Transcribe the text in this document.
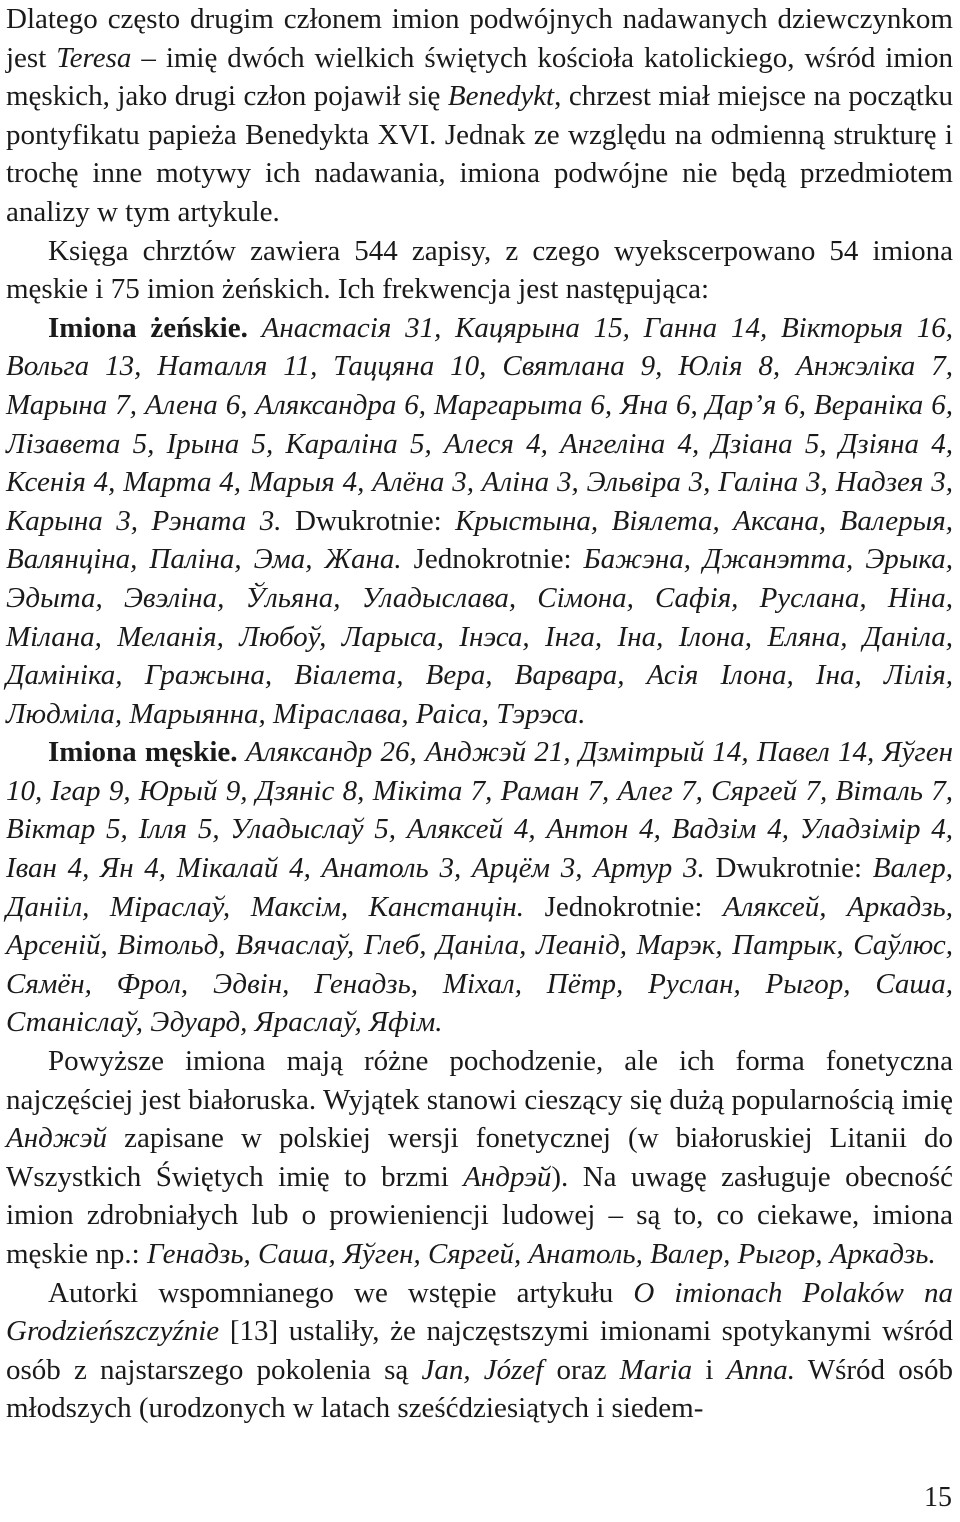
Dlatego często drugim członem imion podwójnych nadawanych dziewczynkom jest Teresa – imię dwóch wielkich świętych kościoła katolickiego, wśród imion męskich, jako drugi człon pojawił się Benedykt, chrzest miał miejsce na początku pontyfikatu papieża Benedykta XVI. Jednak ze względu na odmienną strukturę i trochę inne motywy ich nadawania, imiona podwójne nie będą przedmiotem analizy w tym artykule.

Księga chrztów zawiera 544 zapisy, z czego wyekscerpowano 54 imiona męskie i 75 imion żeńskich. Ich frekwencja jest następująca:

Imiona żeńskie. Анастасія 31, Кацярына 15, Ганна 14, Вікторыя 16, Вольга 13, Наталля 11, Таццяна 10, Святлана 9, Юлія 8, Анжэліка 7, Марына 7, Алена 6, Аляксандра 6, Маргарыта 6, Яна 6, Дар’я 6, Вераніка 6, Лізавета 5, Ірына 5, Караліна 5, Алеся 4, Ангеліна 4, Дзіана 5, Дзіяна 4, Ксенія 4, Марта 4, Марыя 4, Алёна 3, Аліна 3, Эльвіра 3, Галіна 3, Надзея 3, Карына 3, Рэната 3. Dwukrotnie: Крыстына, Віялета, Аксана, Валерыя, Валянціна, Паліна, Эма, Жана. Jednokrotnie: Бажэна, Джанэтта, Эрыка, Эдыта, Эвэліна, Ўльяна, Уладыслава, Сімона, Сафія, Руслана, Ніна, Мілана, Меланія, Любоў, Ларыса, Інэса, Інга, Іна, Ілона, Еляна, Даніла, Дамініка, Гражына, Віалета, Вера, Варвара, Асія Ілона, Іна, Лілія, Людміла, Марыянна, Міраслава, Раіса, Тэрэса.

Imiona męskie. Аляксандр 26, Анджэй 21, Дзмітрый 14, Павел 14, Яўген 10, Ігар 9, Юрый 9, Дзяніс 8, Мікіта 7, Раман 7, Алег 7, Сяргей 7, Віталь 7, Віктар 5, Ілля 5, Уладыслаў 5, Аляксей 4, Антон 4, Вадзім 4, Уладзімір 4, Іван 4, Ян 4, Мікалай 4, Анатоль 3, Арцём 3, Артур 3. Dwukrotnie: Валер, Данііл, Міраслаў, Максім, Канстанцін. Jednokrotnie: Аляксей, Аркадзь, Арсеній, Вітольд, Вячаслаў, Глеб, Даніла, Леанід, Марэк, Патрык, Саўлюс, Сямён, Фрол, Эдвін, Генадзь, Міхал, Пётр, Руслан, Рыгор, Саша, Станіслаў, Эдуард, Яраслаў, Яфім.

Powyższe imiona mają różne pochodzenie, ale ich forma fonetyczna najczęściej jest białoruska. Wyjątek stanowi cieszący się dużą popularnością imię Анджэй zapisane w polskiej wersji fonetycznej (w białoruskiej Litanii do Wszystkich Świętych imię to brzmi Андрэй). Na uwagę zasługuje obecność imion zdrobniałych lub o prowieniencji ludowej – są to, co ciekawe, imiona męskie np.: Генадзь, Саша, Яўген, Сяргей, Анатоль, Валер, Рыгор, Аркадзь.

Autorki wspomnianego we wstępie artykułu O imionach Polaków na Grodzieńszczyźnie [13] ustaliły, że najczęstszymi imionami spotykanymi wśród osób z najstarszego pokolenia są Jan, Józef oraz Maria i Anna. Wśród osób młodszych (urodzonych w latach sześćdziesiątych i siedem-

15
